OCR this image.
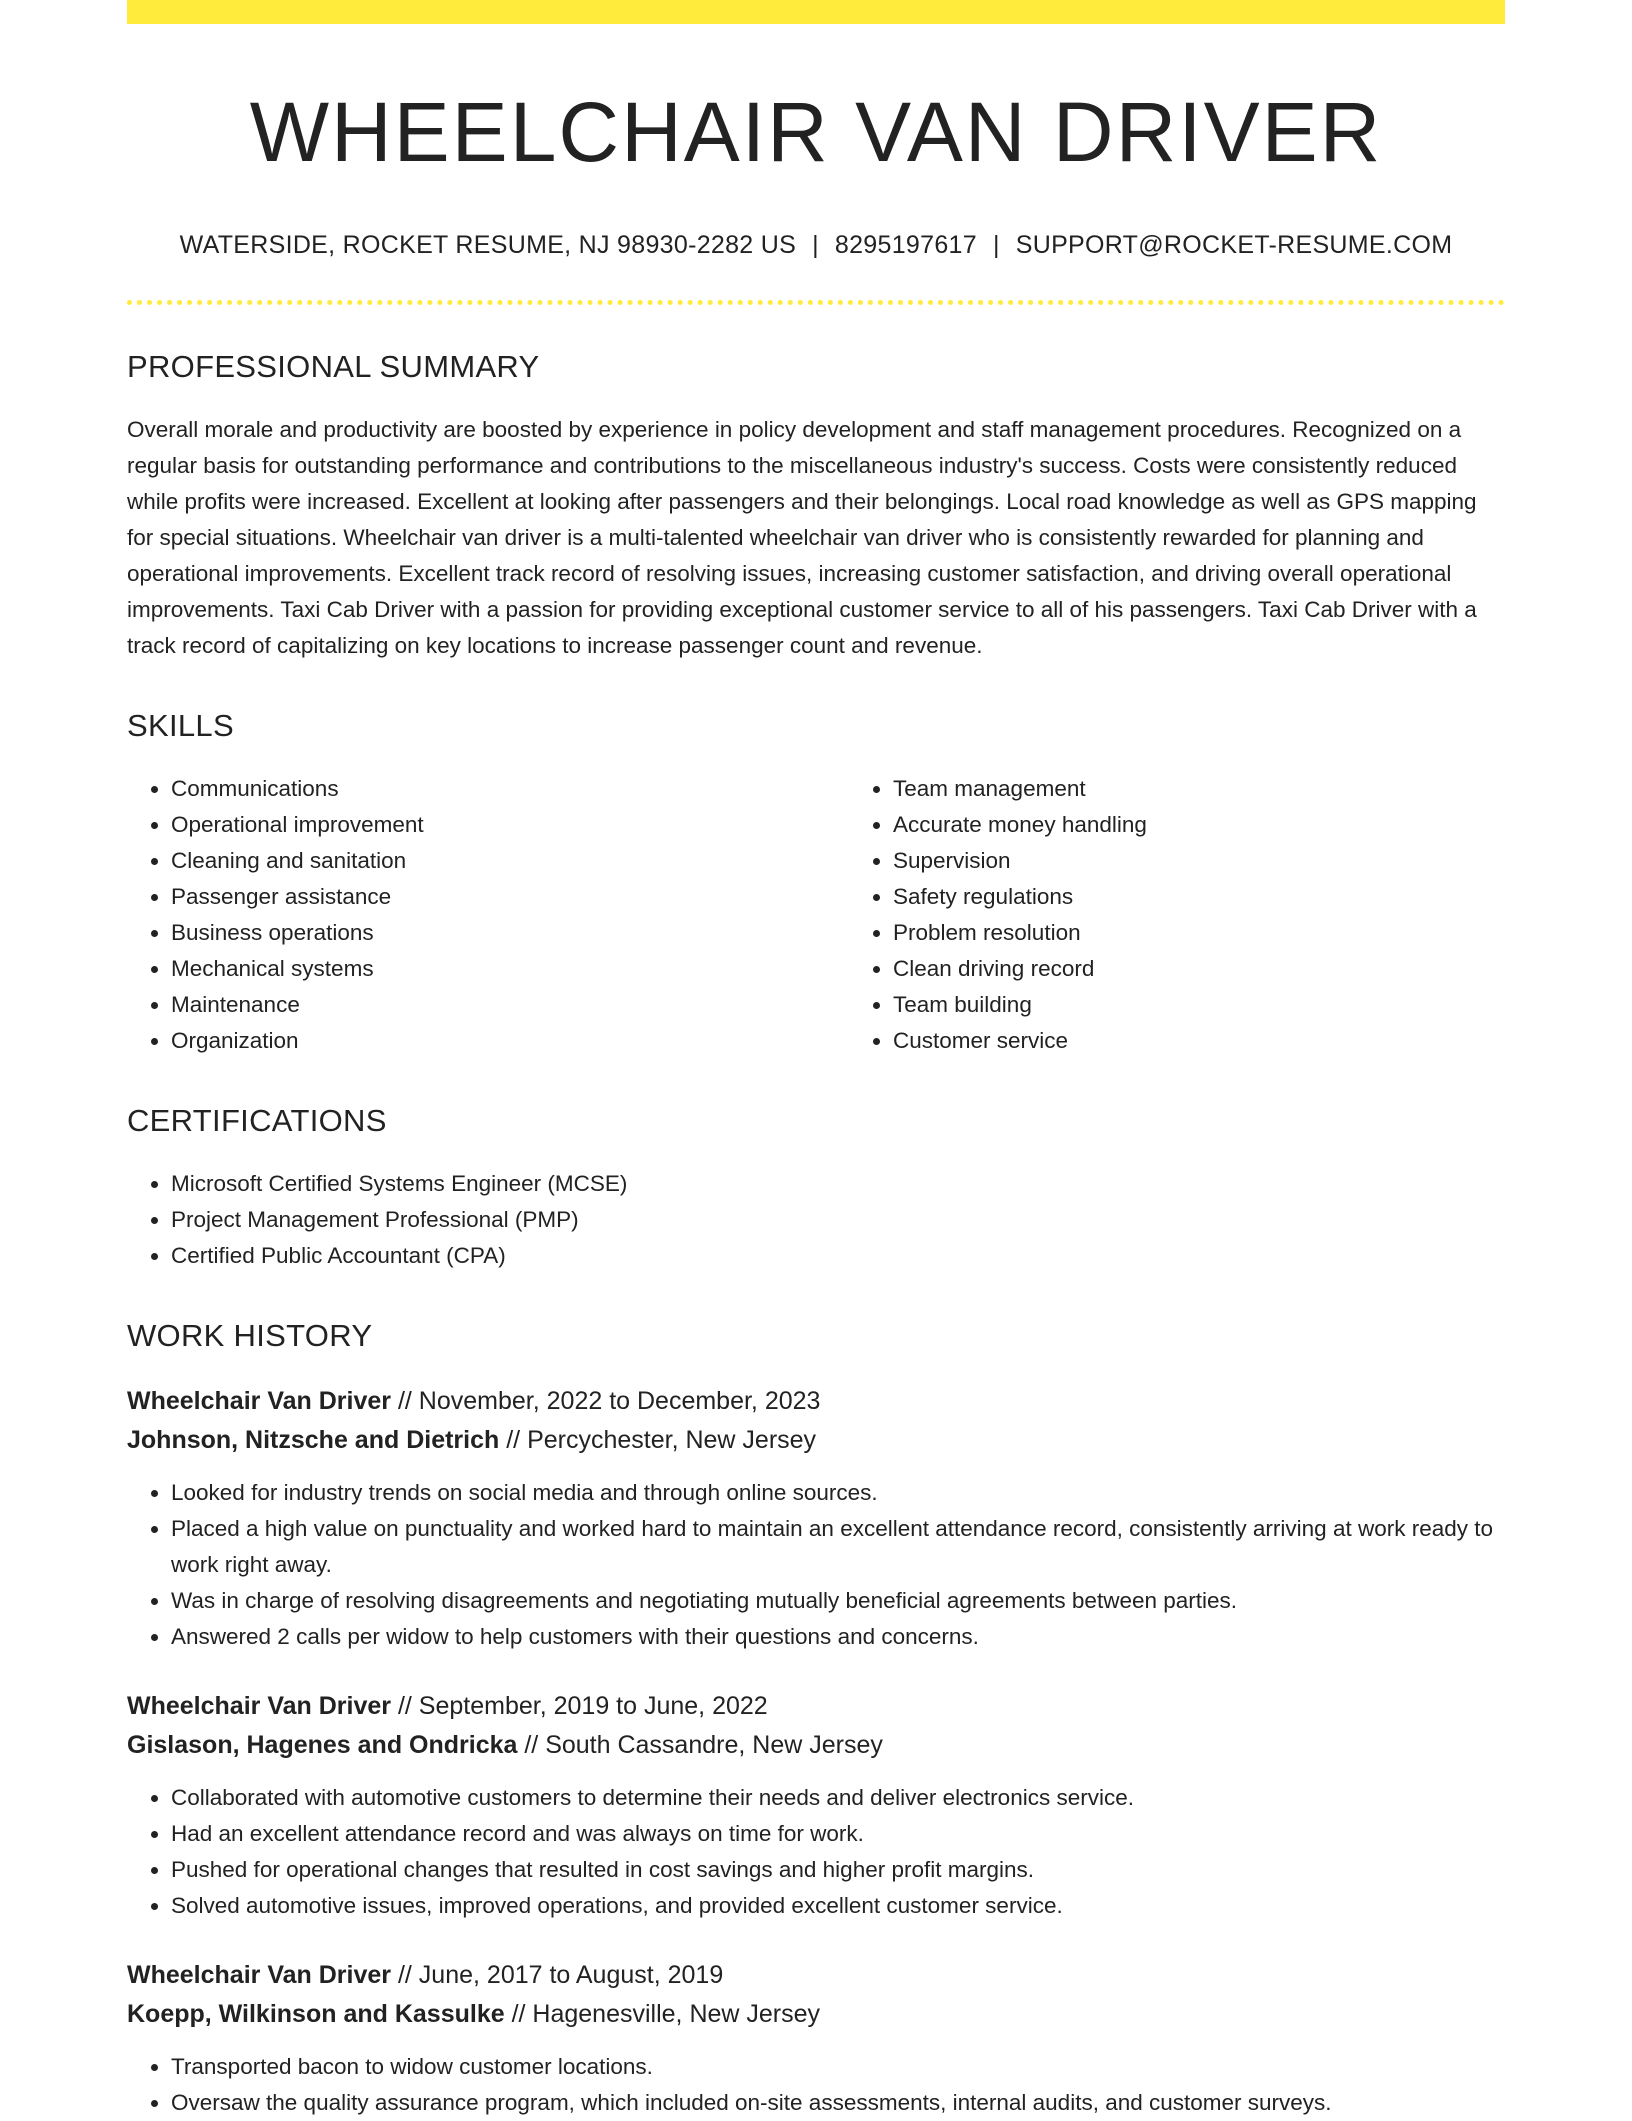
WHEELCHAIR VAN DRIVER
WATERSIDE, ROCKET RESUME, NJ 98930-2282 US | 8295197617 | SUPPORT@ROCKET-RESUME.COM
PROFESSIONAL SUMMARY
Overall morale and productivity are boosted by experience in policy development and staff management procedures. Recognized on a regular basis for outstanding performance and contributions to the miscellaneous industry's success. Costs were consistently reduced while profits were increased. Excellent at looking after passengers and their belongings. Local road knowledge as well as GPS mapping for special situations. Wheelchair van driver is a multi-talented wheelchair van driver who is consistently rewarded for planning and operational improvements. Excellent track record of resolving issues, increasing customer satisfaction, and driving overall operational improvements. Taxi Cab Driver with a passion for providing exceptional customer service to all of his passengers. Taxi Cab Driver with a track record of capitalizing on key locations to increase passenger count and revenue.
SKILLS
• Communications
• Operational improvement
• Cleaning and sanitation
• Passenger assistance
• Business operations
• Mechanical systems
• Maintenance
• Organization
• Team management
• Accurate money handling
• Supervision
• Safety regulations
• Problem resolution
• Clean driving record
• Team building
• Customer service
CERTIFICATIONS
• Microsoft Certified Systems Engineer (MCSE)
• Project Management Professional (PMP)
• Certified Public Accountant (CPA)
WORK HISTORY
Wheelchair Van Driver // November, 2022 to December, 2023
Johnson, Nitzsche and Dietrich // Percychester, New Jersey
• Looked for industry trends on social media and through online sources.
• Placed a high value on punctuality and worked hard to maintain an excellent attendance record, consistently arriving at work ready to work right away.
• Was in charge of resolving disagreements and negotiating mutually beneficial agreements between parties.
• Answered 2 calls per widow to help customers with their questions and concerns.
Wheelchair Van Driver // September, 2019 to June, 2022
Gislason, Hagenes and Ondricka // South Cassandre, New Jersey
• Collaborated with automotive customers to determine their needs and deliver electronics service.
• Had an excellent attendance record and was always on time for work.
• Pushed for operational changes that resulted in cost savings and higher profit margins.
• Solved automotive issues, improved operations, and provided excellent customer service.
Wheelchair Van Driver // June, 2017 to August, 2019
Koepp, Wilkinson and Kassulke // Hagenesville, New Jersey
• Transported bacon to widow customer locations.
• Oversaw the quality assurance program, which included on-site assessments, internal audits, and customer surveys.
